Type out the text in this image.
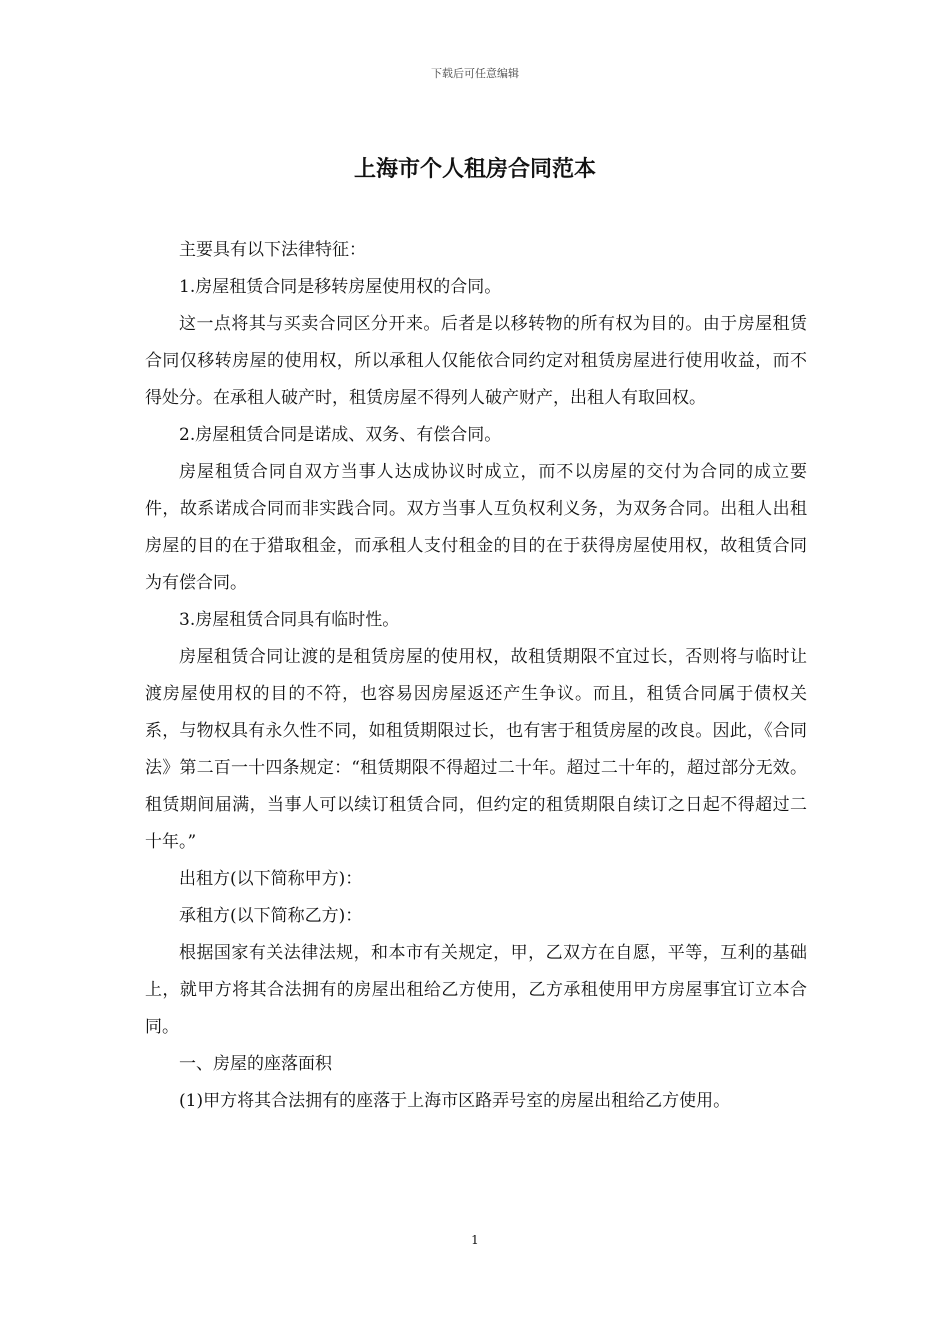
下载后可任意编辑
上海市个人租房合同范本

主要具有以下法律特征：

1.房屋租赁合同是移转房屋使用权的合同。

这一点将其与买卖合同区分开来。后者是以移转物的所有权为目的。由于房屋租赁合同仅移转房屋的使用权，所以承租人仅能依合同约定对租赁房屋进行使用收益，而不得处分。在承租人破产时，租赁房屋不得列人破产财产，出租人有取回权。

2.房屋租赁合同是诺成、双务、有偿合同。

房屋租赁合同自双方当事人达成协议时成立，而不以房屋的交付为合同的成立要件，故系诺成合同而非实践合同。双方当事人互负权利义务，为双务合同。出租人出租房屋的目的在于猎取租金，而承租人支付租金的目的在于获得房屋使用权，故租赁合同为有偿合同。

3.房屋租赁合同具有临时性。

房屋租赁合同让渡的是租赁房屋的使用权，故租赁期限不宜过长，否则将与临时让渡房屋使用权的目的不符，也容易因房屋返还产生争议。而且，租赁合同属于债权关系，与物权具有永久性不同，如租赁期限过长，也有害于租赁房屋的改良。因此，《合同法》第二百一十四条规定：“租赁期限不得超过二十年。超过二十年的，超过部分无效。租赁期间届满，当事人可以续订租赁合同，但约定的租赁期限自续订之日起不得超过二十年。”

出租方(以下简称甲方)：

承租方(以下简称乙方)：

根据国家有关法律法规，和本市有关规定，甲，乙双方在自愿，平等，互利的基础上，就甲方将其合法拥有的房屋出租给乙方使用，乙方承租使用甲方房屋事宜订立本合同。

一、房屋的座落面积

(1)甲方将其合法拥有的座落于上海市区路弄号室的房屋出租给乙方使用。

1
